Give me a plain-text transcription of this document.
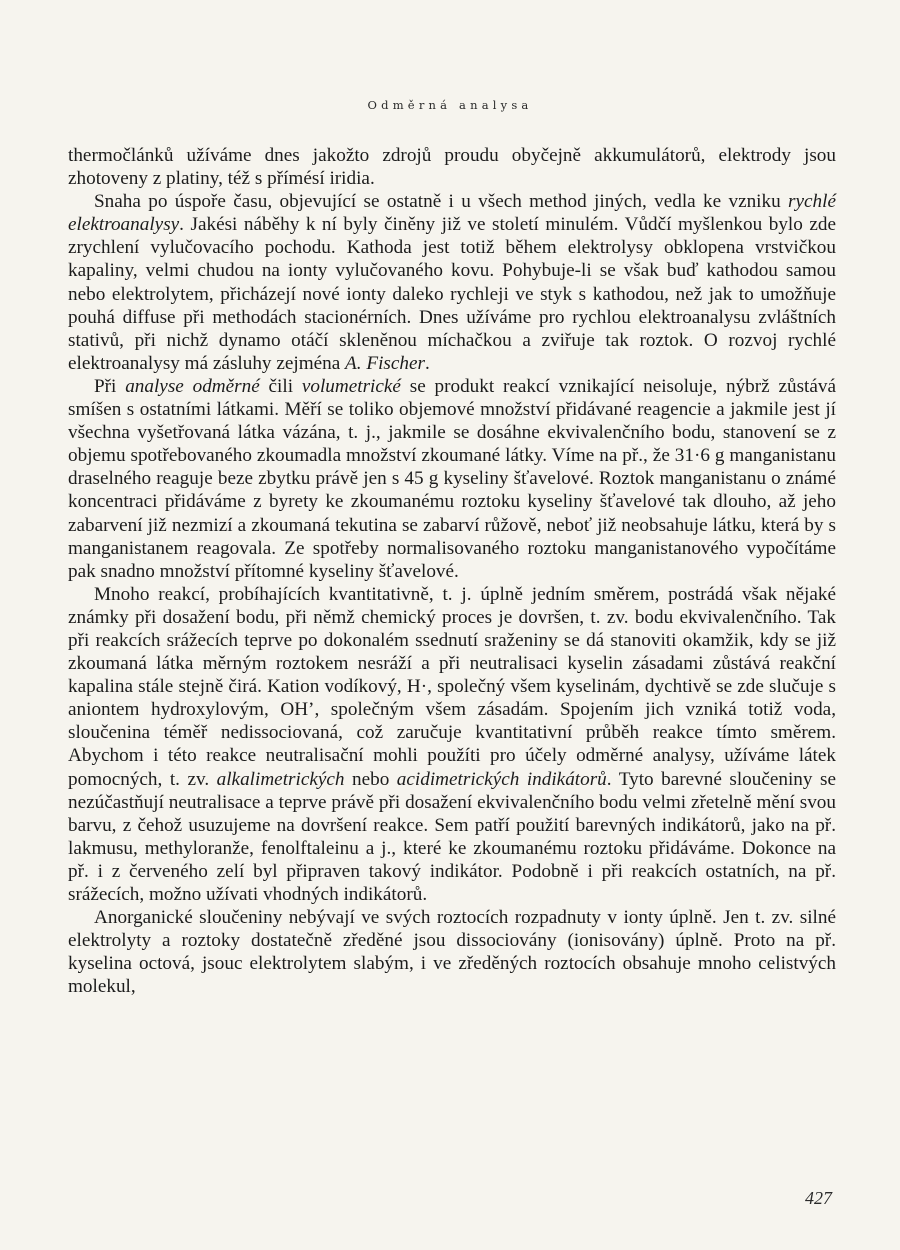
Odměrná analysa

thermočlánků užíváme dnes jakožto zdrojů proudu obyčejně akkumulátorů, elektrody jsou zhotoveny z platiny, též s přímésí iridia.

Snaha po úspoře času, objevující se ostatně i u všech method jiných, vedla ke vzniku rychlé elektroanalysy. Jakési náběhy k ní byly činěny již ve století minulém. Vůdčí myšlenkou bylo zde zrychlení vylučovacího pochodu. Kathoda jest totiž během elektrolysy obklopena vrstvičkou kapaliny, velmi chudou na ionty vylučovaného kovu. Pohybuje-li se však buď kathodou samou nebo elektrolytem, přicházejí nové ionty daleko rychleji ve styk s kathodou, než jak to umožňuje pouhá diffuse při methodách stacionérních. Dnes užíváme pro rychlou elektroanalysu zvláštních stativů, při nichž dynamo otáčí skleněnou míchačkou a zviřuje tak roztok. O rozvoj rychlé elektroanalysy má zásluhy zejména A. Fischer.

Při analyse odměrné čili volumetrické se produkt reakcí vznikající neisoluje, nýbrž zůstává smíšen s ostatními látkami. Měří se toliko objemové množství přidávané reagencie a jakmile jest jí všechna vyšetřovaná látka vázána, t. j., jakmile se dosáhne ekvivalenčního bodu, stanovení se z objemu spotřebovaného zkoumadla množství zkoumané látky. Víme na př., že 31·6 g manganistanu draselného reaguje beze zbytku právě jen s 45 g kyseliny šťavelové. Roztok manganistanu o známé koncentraci přidáváme z byrety ke zkoumanému roztoku kyseliny šťavelové tak dlouho, až jeho zabarvení již nezmizí a zkoumaná tekutina se zabarví růžově, neboť již neobsahuje látku, která by s manganistanem reagovala. Ze spotřeby normalisovaného roztoku manganistanového vypočítáme pak snadno množství přítomné kyseliny šťavelové.

Mnoho reakcí, probíhajících kvantitativně, t. j. úplně jedním směrem, postrádá však nějaké známky při dosažení bodu, při němž chemický proces je dovršen, t. zv. bodu ekvivalenčního. Tak při reakcích srážecích teprve po dokonalém ssednutí sraženiny se dá stanoviti okamžik, kdy se již zkoumaná látka měrným roztokem nesráží a při neutralisaci kyselin zásadami zůstává reakční kapalina stále stejně čirá. Kation vodíkový, H·, společný všem kyselinám, dychtivě se zde slučuje s aniontem hydroxylovým, OH’, společným všem zásadám. Spojením jich vzniká totiž voda, sloučenina téměř nedissociovaná, což zaručuje kvantitativní průběh reakce tímto směrem. Abychom i této reakce neutralisační mohli použíti pro účely odměrné analysy, užíváme látek pomocných, t. zv. alkalimetrických nebo acidimetrických indikátorů. Tyto barevné sloučeniny se nezúčastňují neutralisace a teprve právě při dosažení ekvivalenčního bodu velmi zřetelně mění svou barvu, z čehož usuzujeme na dovršení reakce. Sem patří použití barevných indikátorů, jako na př. lakmusu, methyloranže, fenolftaleinu a j., které ke zkoumanému roztoku přidáváme. Dokonce na př. i z červeného zelí byl připraven takový indikátor. Podobně i při reakcích ostatních, na př. srážecích, možno užívati vhodných indikátorů.

Anorganické sloučeniny nebývají ve svých roztocích rozpadnuty v ionty úplně. Jen t. zv. silné elektrolyty a roztoky dostatečně zředěné jsou dissociovány (ionisovány) úplně. Proto na př. kyselina octová, jsouc elektrolytem slabým, i ve zředěných roztocích obsahuje mnoho celistvých molekul,

427
